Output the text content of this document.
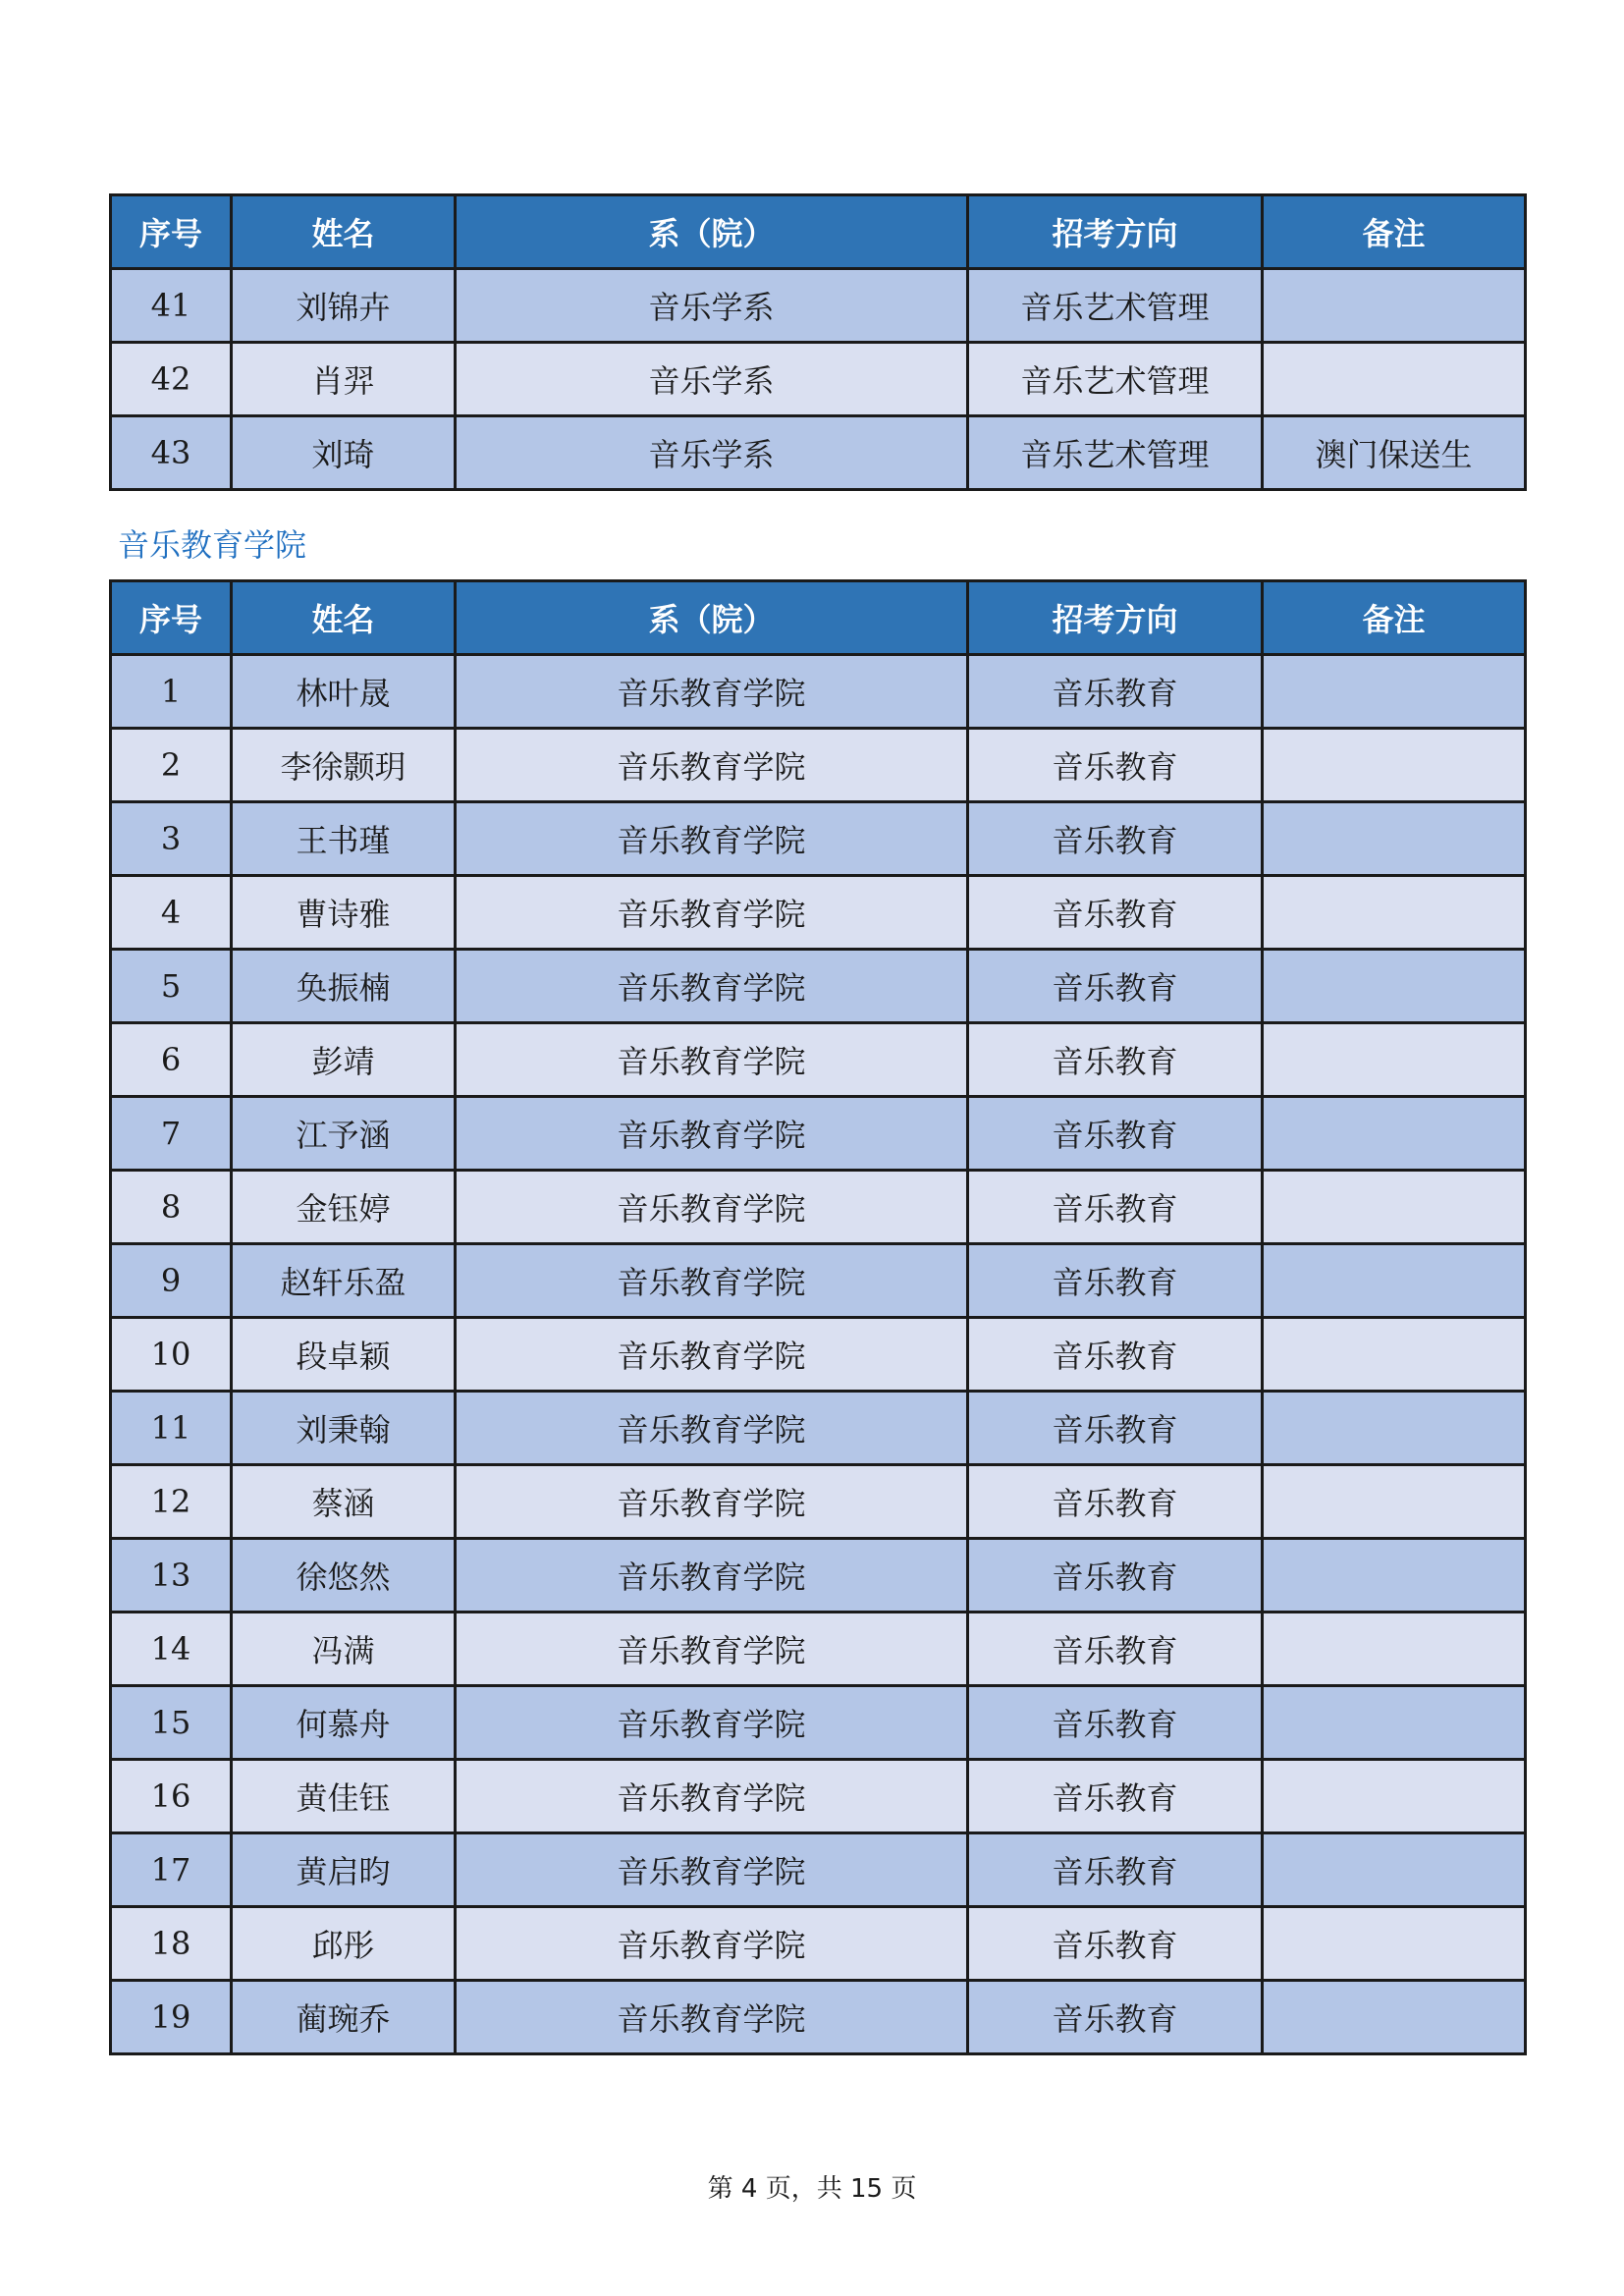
序号	姓名	系（院）	招考方向	备注
41	刘锦卉	音乐学系	音乐艺术管理	
42	肖羿	音乐学系	音乐艺术管理	
43	刘琦	音乐学系	音乐艺术管理	澳门保送生
音乐教育学院
序号	姓名	系（院）	招考方向	备注
1	林叶晟	音乐教育学院	音乐教育	
2	李徐颢玥	音乐教育学院	音乐教育	
3	王书瑾	音乐教育学院	音乐教育	
4	曹诗雅	音乐教育学院	音乐教育	
5	奂振楠	音乐教育学院	音乐教育	
6	彭靖	音乐教育学院	音乐教育	
7	江予涵	音乐教育学院	音乐教育	
8	金钰婷	音乐教育学院	音乐教育	
9	赵轩乐盈	音乐教育学院	音乐教育	
10	段卓颖	音乐教育学院	音乐教育	
11	刘秉翰	音乐教育学院	音乐教育	
12	蔡涵	音乐教育学院	音乐教育	
13	徐悠然	音乐教育学院	音乐教育	
14	冯满	音乐教育学院	音乐教育	
15	何慕舟	音乐教育学院	音乐教育	
16	黄佳钰	音乐教育学院	音乐教育	
17	黄启昀	音乐教育学院	音乐教育	
18	邱彤	音乐教育学院	音乐教育	
19	蔺琬乔	音乐教育学院	音乐教育	
第 4 页，共 15 页
